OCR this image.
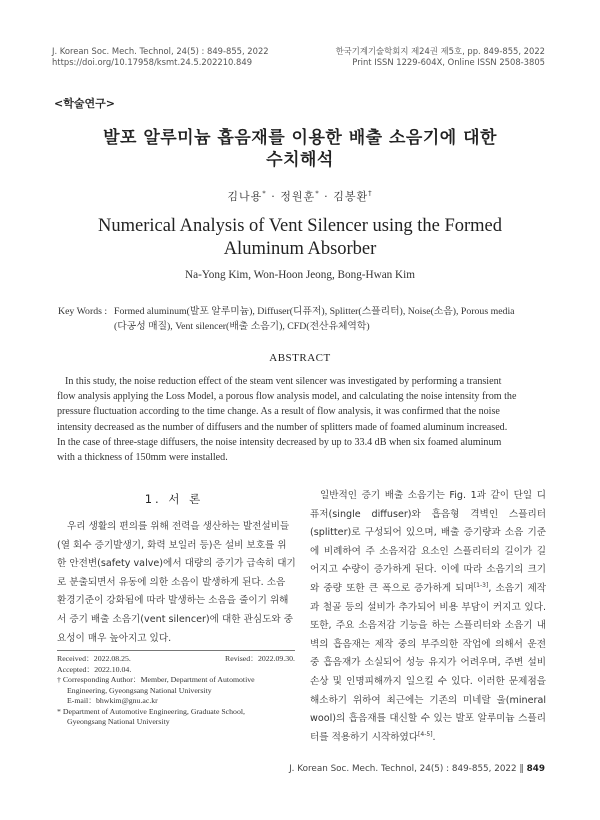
J. Korean Soc. Mech. Technol, 24(5) : 849-855, 2022
https://doi.org/10.17958/ksmt.24.5.202210.849
한국기계기술학회지 제24권 제5호, pp. 849-855, 2022
Print ISSN 1229-604X, Online ISSN 2508-3805
<학술연구>
발포 알루미늄 흡음재를 이용한 배출 소음기에 대한
수치해석
김나용* · 정원훈* · 김봉환†
Numerical Analysis of Vent Silencer using the Formed
Aluminum Absorber
Na-Yong Kim, Won-Hoon Jeong, Bong-Hwan Kim
Key Words : Formed aluminum(발포 알루미늄), Diffuser(디퓨저), Splitter(스플리터), Noise(소음), Porous media
(다공성 매질), Vent silencer(배출 소음기), CFD(전산유체역학)
ABSTRACT
In this study, the noise reduction effect of the steam vent silencer was investigated by performing a transient
flow analysis applying the Loss Model, a porous flow analysis model, and calculating the noise intensity from the
pressure fluctuation according to the time change. As a result of flow analysis, it was confirmed that the noise
intensity decreased as the number of diffusers and the number of splitters made of foamed aluminum increased.
In the case of three-stage diffusers, the noise intensity decreased by up to 33.4 dB when six foamed aluminum
with a thickness of 150mm were installed.
1. 서 론
우리 생활의 편의를 위해 전력을 생산하는 발전설비들
(열 회수 증기발생기, 화력 보일러 등)은 설비 보호를 위
한 안전변(safety valve)에서 대량의 증기가 급속히 대기
로 분출되면서 유동에 의한 소음이 발생하게 된다. 소음
환경기준이 강화됨에 따라 발생하는 소음을 줄이기 위해
서 증기 배출 소음기(vent silencer)에 대한 관심도와 중
요성이 매우 높아지고 있다.
일반적인 증기 배출 소음기는 Fig. 1과 같이 단일 디
퓨저(single diffuser)와 흡음형 격벽인 스플리터
(splitter)로 구성되어 있으며, 배출 증기량과 소음 기준
에 비례하여 주 소음저감 요소인 스플리터의 길이가 길
어지고 수량이 증가하게 된다. 이에 따라 소음기의 크기
와 중량 또한 큰 폭으로 증가하게 되며[1-3], 소음기 제작
과 철골 등의 설비가 추가되어 비용 부담이 커지고 있다.
또한, 주요 소음저감 기능을 하는 스플리터와 소음기 내
벽의 흡음재는 제작 중의 부주의한 작업에 의해서 운전
중 흡음재가 소실되어 성능 유지가 어려우며, 주변 설비
손상 및 인명피해까지 일으킬 수 있다. 이러한 문제점을
해소하기 위하여 최근에는 기존의 미네랄 울(mineral
wool)의 흡음재를 대신할 수 있는 발포 알루미늄 스플리
터를 적용하기 시작하였다[4-5].
Received：2022.08.25.	Revised：2022.09.30.
Accepted：2022.10.04.
† Corresponding Author：Member, Department of Automotive
Engineering, Gyeongsang National University
E-mail：bhwkim@gnu.ac.kr
* Department of Automotive Engineering, Graduate School,
Gyeongsang National University
J. Korean Soc. Mech. Technol, 24(5) : 849-855, 2022 ‖ 849
